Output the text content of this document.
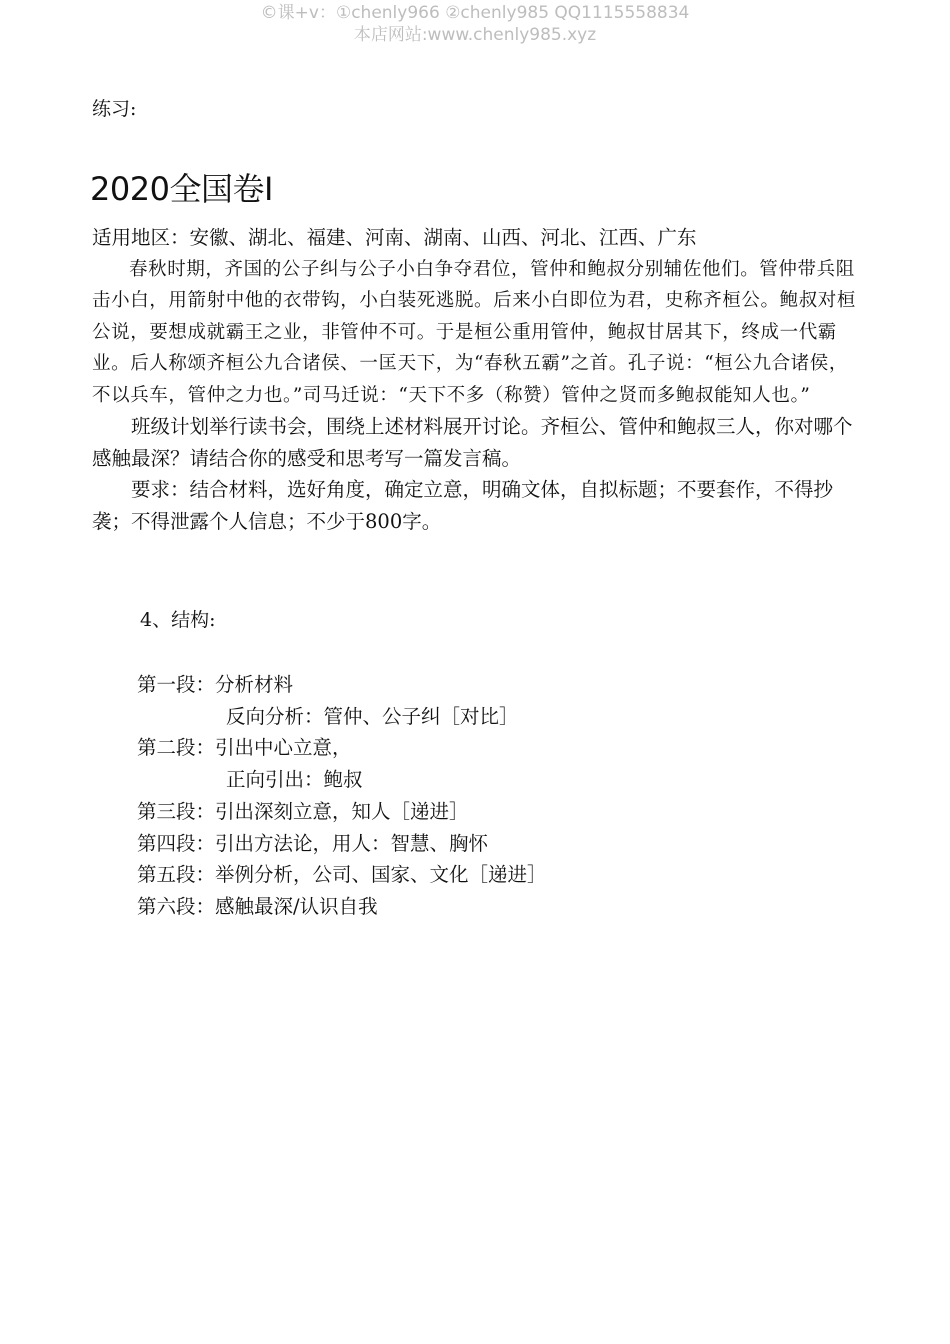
©课+v：①chenly966 ②chenly985 QQ1115558834
本店网站:www.chenly985.xyz
练习:
2020全国卷Ⅰ

适用地区：安徽、湖北、福建、河南、湖南、山西、河北、江西、广东

春秋时期，齐国的公子纠与公子小白争夺君位，管仲和鲍叔分别辅佐他们。管仲带兵阻击小白，用箭射中他的衣带钩，小白装死逃脱。后来小白即位为君，史称齐桓公。鲍叔对桓公说，要想成就霸王之业，非管仲不可。于是桓公重用管仲，鲍叔甘居其下，终成一代霸业。后人称颂齐桓公九合诸侯、一匡天下，为“春秋五霸”之首。孔子说：“桓公九合诸侯，不以兵车，管仲之力也。”司马迁说：“天下不多（称赞）管仲之贤而多鲍叔能知人也。”

班级计划举行读书会，围绕上述材料展开讨论。齐桓公、管仲和鲍叔三人，你对哪个感触最深？请结合你的感受和思考写一篇发言稿。

要求：结合材料，选好角度，确定立意，明确文体，自拟标题；不要套作，不得抄袭；不得泄露个人信息；不少于800字。

4、结构:
第一段：分析材料
反向分析：管仲、公子纠［对比］
第二段：引出中心立意，
正向引出：鲍叔
第三段：引出深刻立意，知人［递进］
第四段：引出方法论，用人：智慧、胸怀
第五段：举例分析，公司、国家、文化［递进］
第六段：感触最深/认识自我
